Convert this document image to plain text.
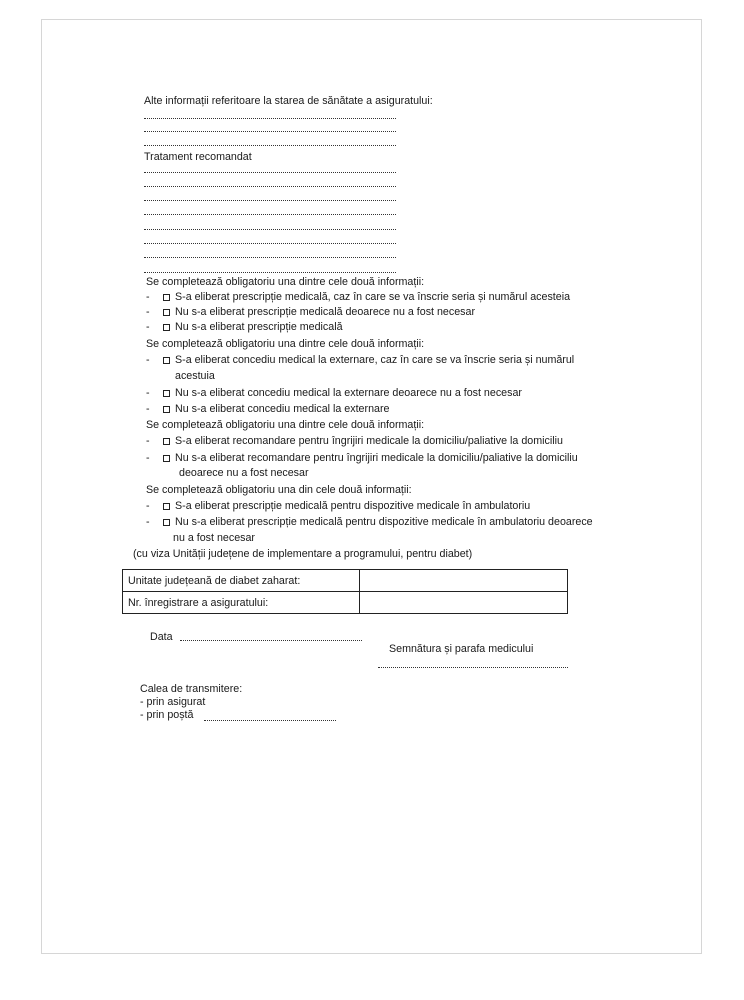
Alte informații referitoare la starea de sănătate a asiguratului:
Tratament recomandat
Se completează obligatoriu una dintre cele două informații:
- S-a eliberat prescripție medicală, caz în care se va înscrie seria și numărul acesteia
- Nu s-a eliberat prescripție medicală deoarece nu a fost necesar
- Nu s-a eliberat prescripție medicală
Se completează obligatoriu una dintre cele două informații:
- S-a eliberat concediu medical la externare, caz în care se va înscrie seria și numărul
acestuia
- Nu s-a eliberat concediu medical la externare deoarece nu a fost necesar
- Nu s-a eliberat concediu medical la externare
Se completează obligatoriu una dintre cele două informații:
- S-a eliberat recomandare pentru îngrijiri medicale la domiciliu/paliative la domiciliu
- Nu s-a eliberat recomandare pentru îngrijiri medicale la domiciliu/paliative la domiciliu
deoarece nu a fost necesar
Se completează obligatoriu una din cele două informații:
- S-a eliberat prescripție medicală pentru dispozitive medicale în ambulatoriu
- Nu s-a eliberat prescripție medicală pentru dispozitive medicale în ambulatoriu deoarece
nu a fost necesar
(cu viza Unității județene de implementare a programului, pentru diabet)
Unitate județeană de diabet zaharat:	
Nr. înregistrare a asiguratului:	
Data
Semnătura și parafa medicului
Calea de transmitere:
- prin asigurat
- prin poștă
